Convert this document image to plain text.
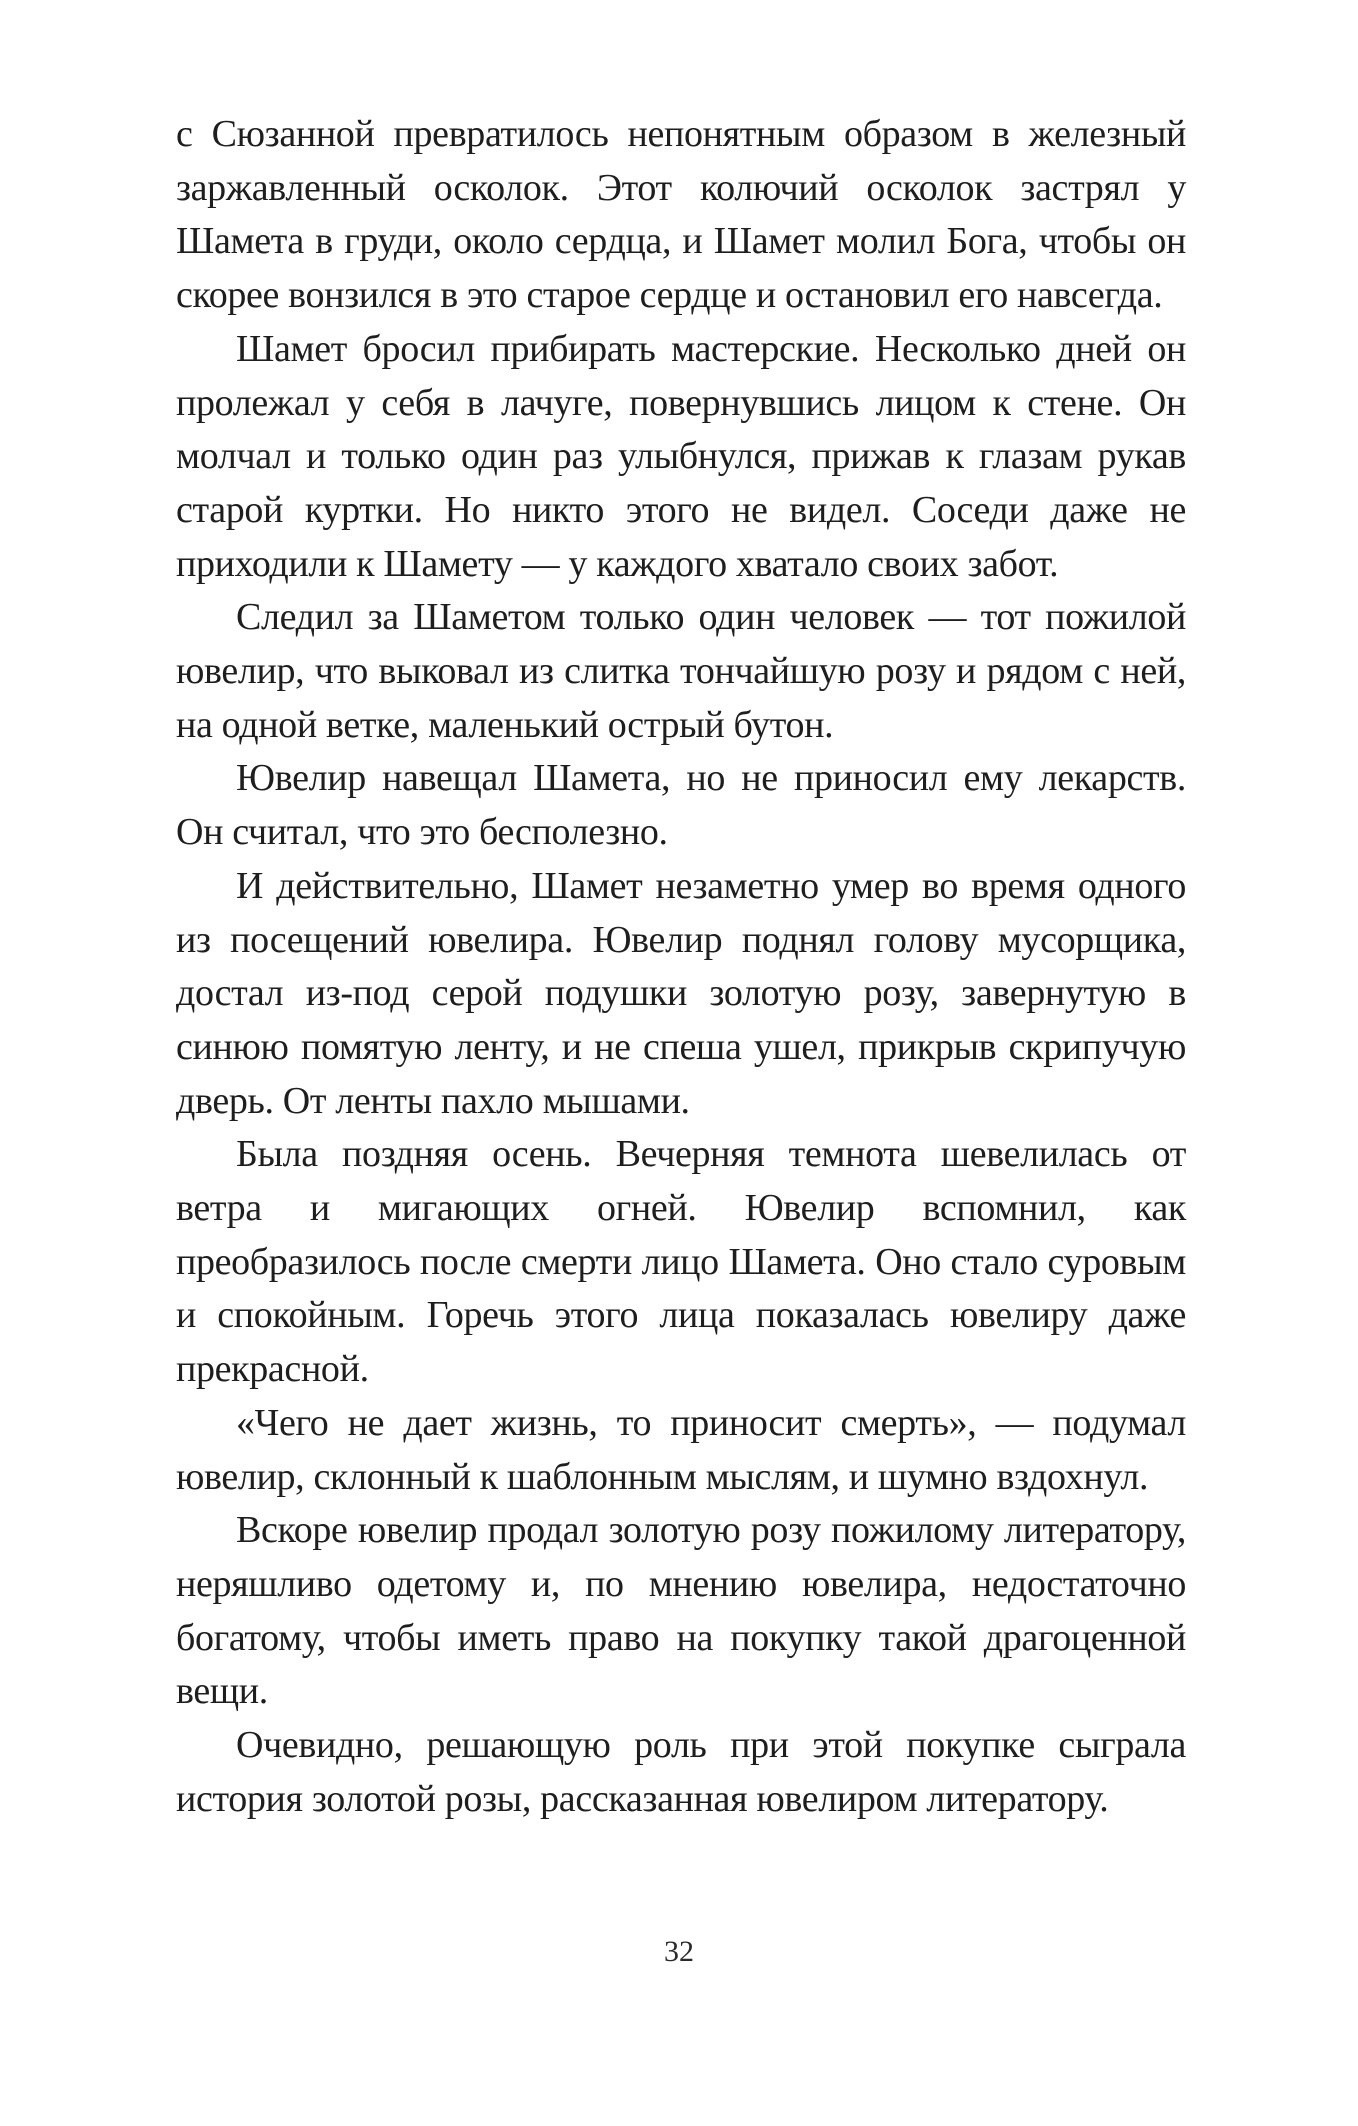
с Сюзанной превратилось непонятным образом в железный заржавленный осколок. Этот колючий осколок застрял у Шамета в груди, около сердца, и Шамет молил Бога, чтобы он скорее вонзился в это старое сердце и остановил его навсегда.

Шамет бросил прибирать мастерские. Несколько дней он пролежал у себя в лачуге, повернувшись лицом к стене. Он молчал и только один раз улыбнулся, прижав к глазам рукав старой куртки. Но никто этого не видел. Соседи даже не приходили к Шамету — у каждого хватало своих забот.

Следил за Шаметом только один человек — тот пожилой ювелир, что выковал из слитка тончайшую розу и рядом с ней, на одной ветке, маленький острый бутон.

Ювелир навещал Шамета, но не приносил ему лекарств. Он считал, что это бесполезно.

И действительно, Шамет незаметно умер во время одного из посещений ювелира. Ювелир поднял голову мусорщика, достал из-под серой подушки золотую розу, завернутую в синюю помятую ленту, и не спеша ушел, прикрыв скрипучую дверь. От ленты пахло мышами.

Была поздняя осень. Вечерняя темнота шевелилась от ветра и мигающих огней. Ювелир вспомнил, как преобразилось после смерти лицо Шамета. Оно стало суровым и спокойным. Горечь этого лица показалась ювелиру даже прекрасной.

«Чего не дает жизнь, то приносит смерть», — подумал ювелир, склонный к шаблонным мыслям, и шумно вздохнул.

Вскоре ювелир продал золотую розу пожилому литератору, неряшливо одетому и, по мнению ювелира, недостаточно богатому, чтобы иметь право на покупку такой драгоценной вещи.

Очевидно, решающую роль при этой покупке сыграла история золотой розы, рассказанная ювелиром литератору.

32
